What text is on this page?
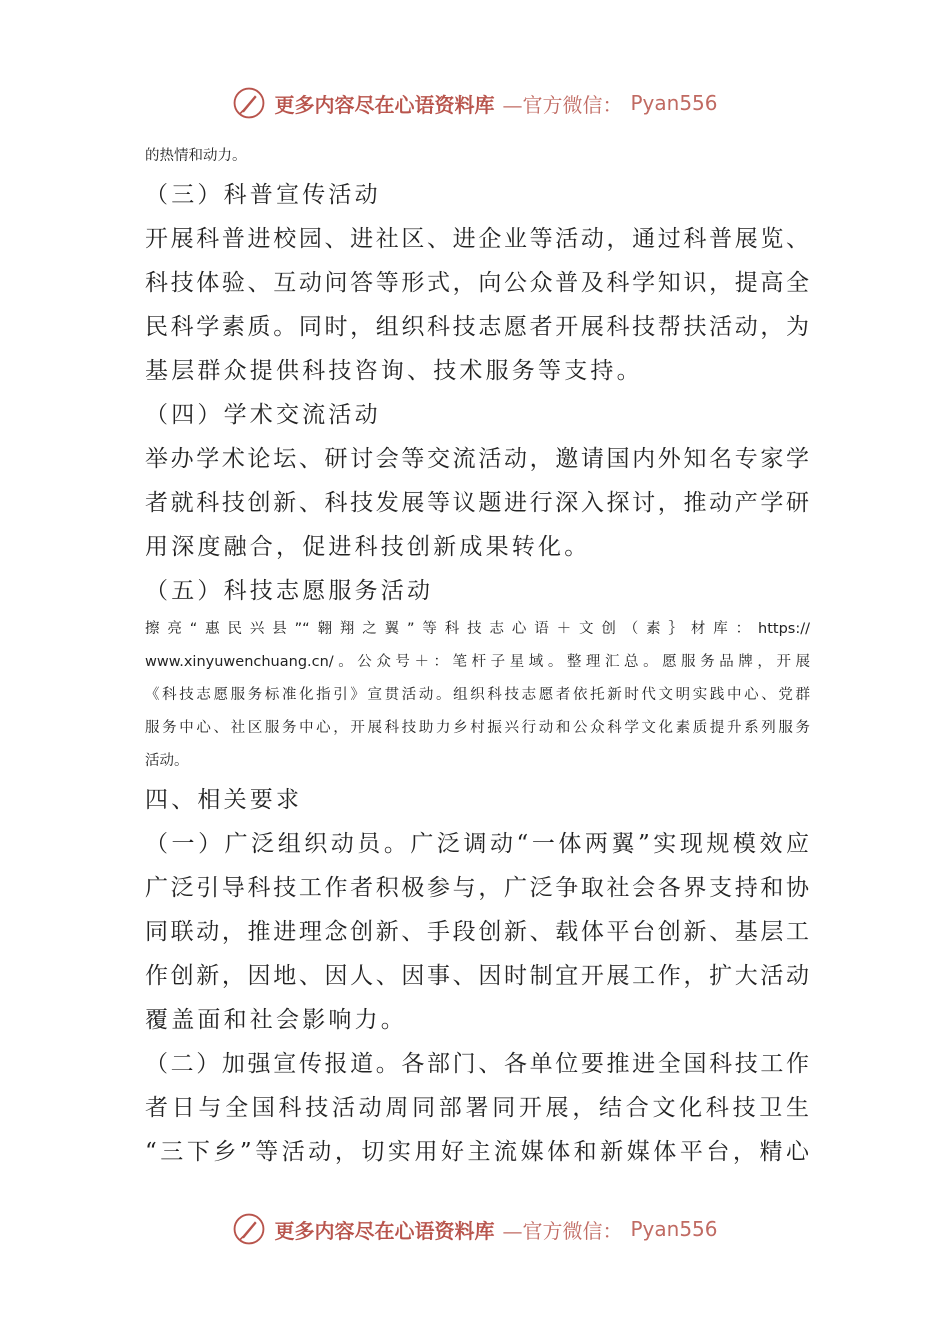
更多内容尽在心语资料库 —官方微信： Pyan556
的热情和动力。
（三）科普宣传活动
开展科普进校园、进社区、进企业等活动，通过科普展览、
科技体验、互动问答等形式，向公众普及科学知识，提高全
民科学素质。同时，组织科技志愿者开展科技帮扶活动，为
基层群众提供科技咨询、技术服务等支持。
（四）学术交流活动
举办学术论坛、研讨会等交流活动，邀请国内外知名专家学
者就科技创新、科技发展等议题进行深入探讨，推动产学研
用深度融合，促进科技创新成果转化。
（五）科技志愿服务活动
擦亮“惠民兴县”“翱翔之翼”等科技志心语＋文创（素｝材库：https://
www.xinyuwenchuang.cn/。公众号＋：笔杆子星域。整理汇总。愿服务品牌，开展
《科技志愿服务标准化指引》宣贯活动。组织科技志愿者依托新时代文明实践中心、党群
服务中心、社区服务中心，开展科技助力乡村振兴行动和公众科学文化素质提升系列服务
活动。
四、相关要求
（一）广泛组织动员。广泛调动“一体两翼”实现规模效应
广泛引导科技工作者积极参与，广泛争取社会各界支持和协
同联动，推进理念创新、手段创新、载体平台创新、基层工
作创新，因地、因人、因事、因时制宜开展工作，扩大活动
覆盖面和社会影响力。
（二）加强宣传报道。各部门、各单位要推进全国科技工作
者日与全国科技活动周同部署同开展，结合文化科技卫生
“三下乡”等活动，切实用好主流媒体和新媒体平台，精心
更多内容尽在心语资料库 —官方微信： Pyan556
